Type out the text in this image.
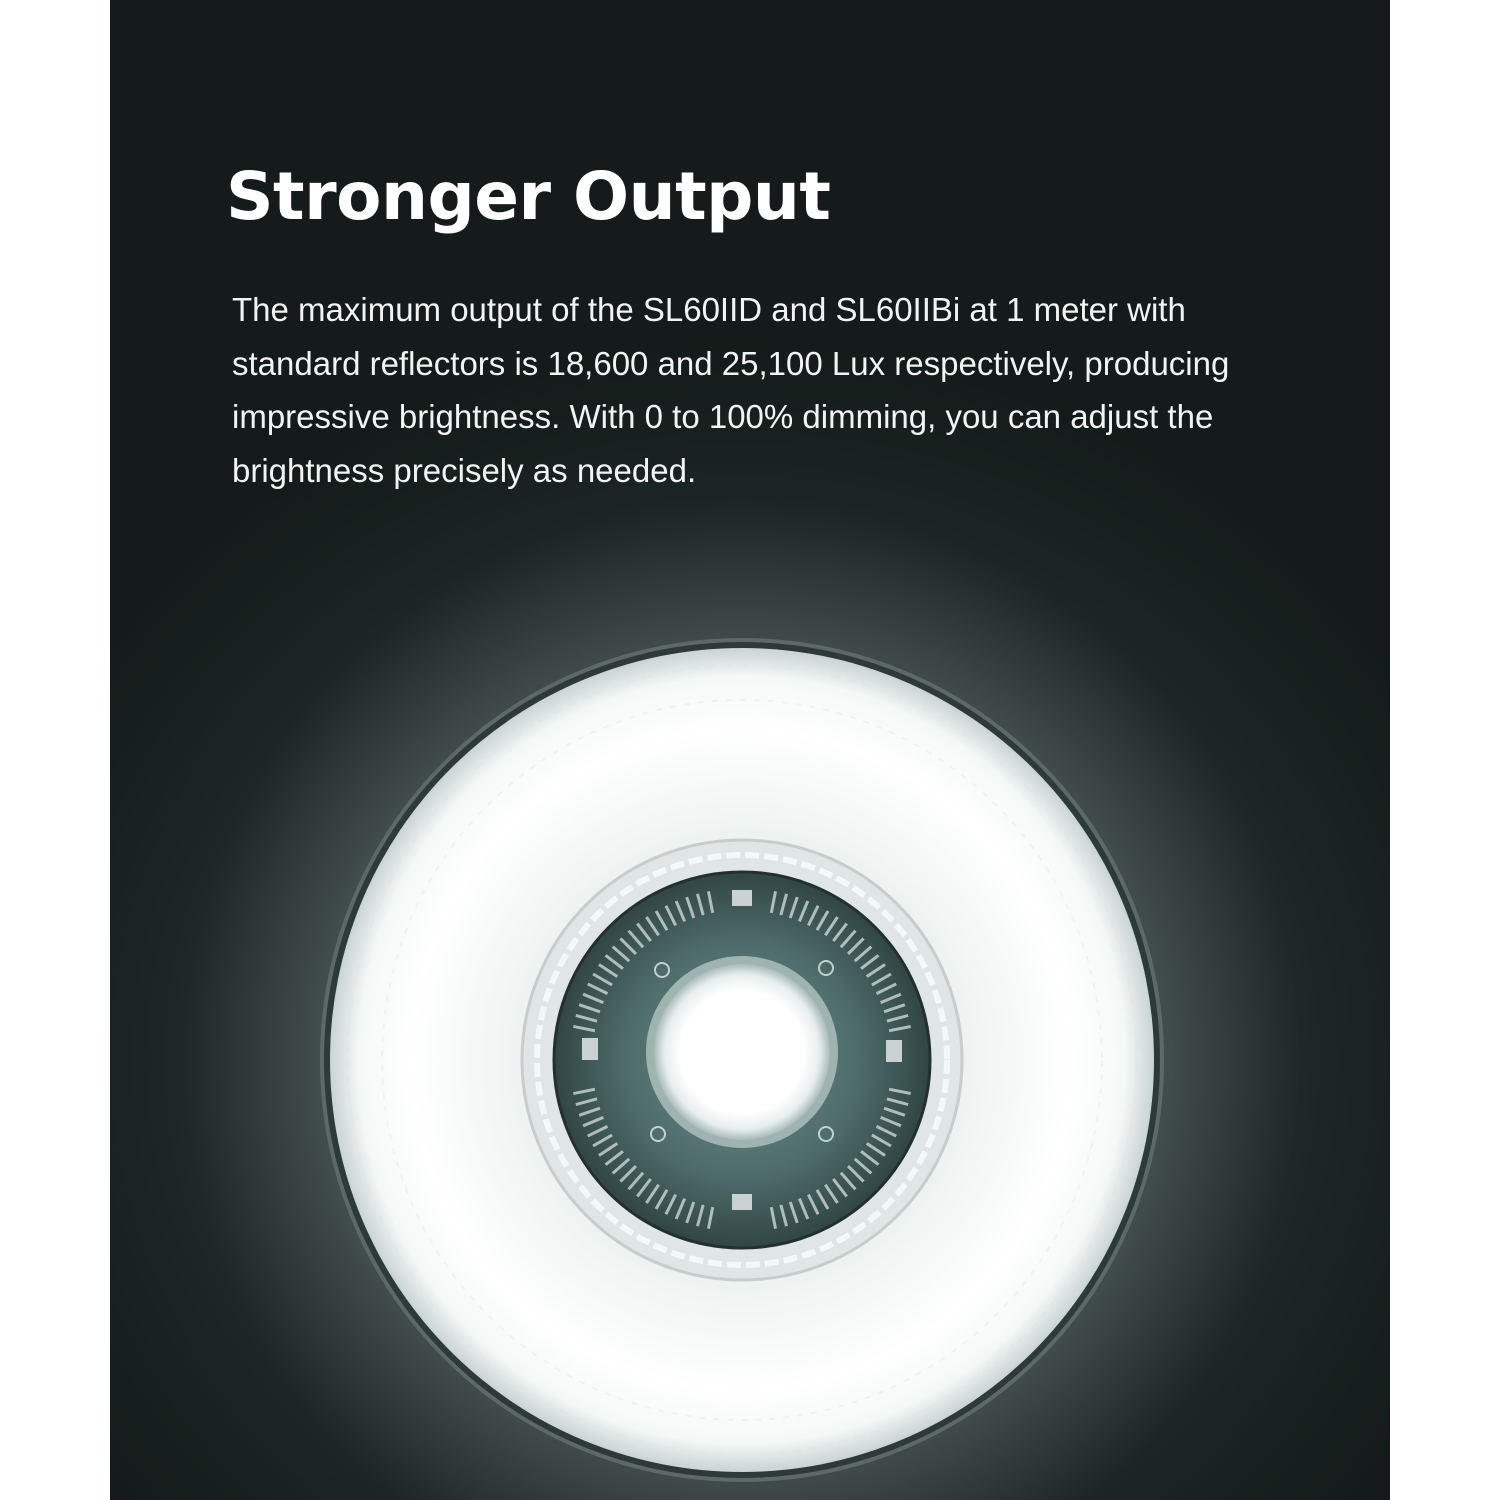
Stronger Output

The maximum output of the SL60IID and SL60IIBi at 1 meter with standard reflectors is 18,600 and 25,100 Lux respectively, producing impressive brightness. With 0 to 100% dimming, you can adjust the brightness precisely as needed.
